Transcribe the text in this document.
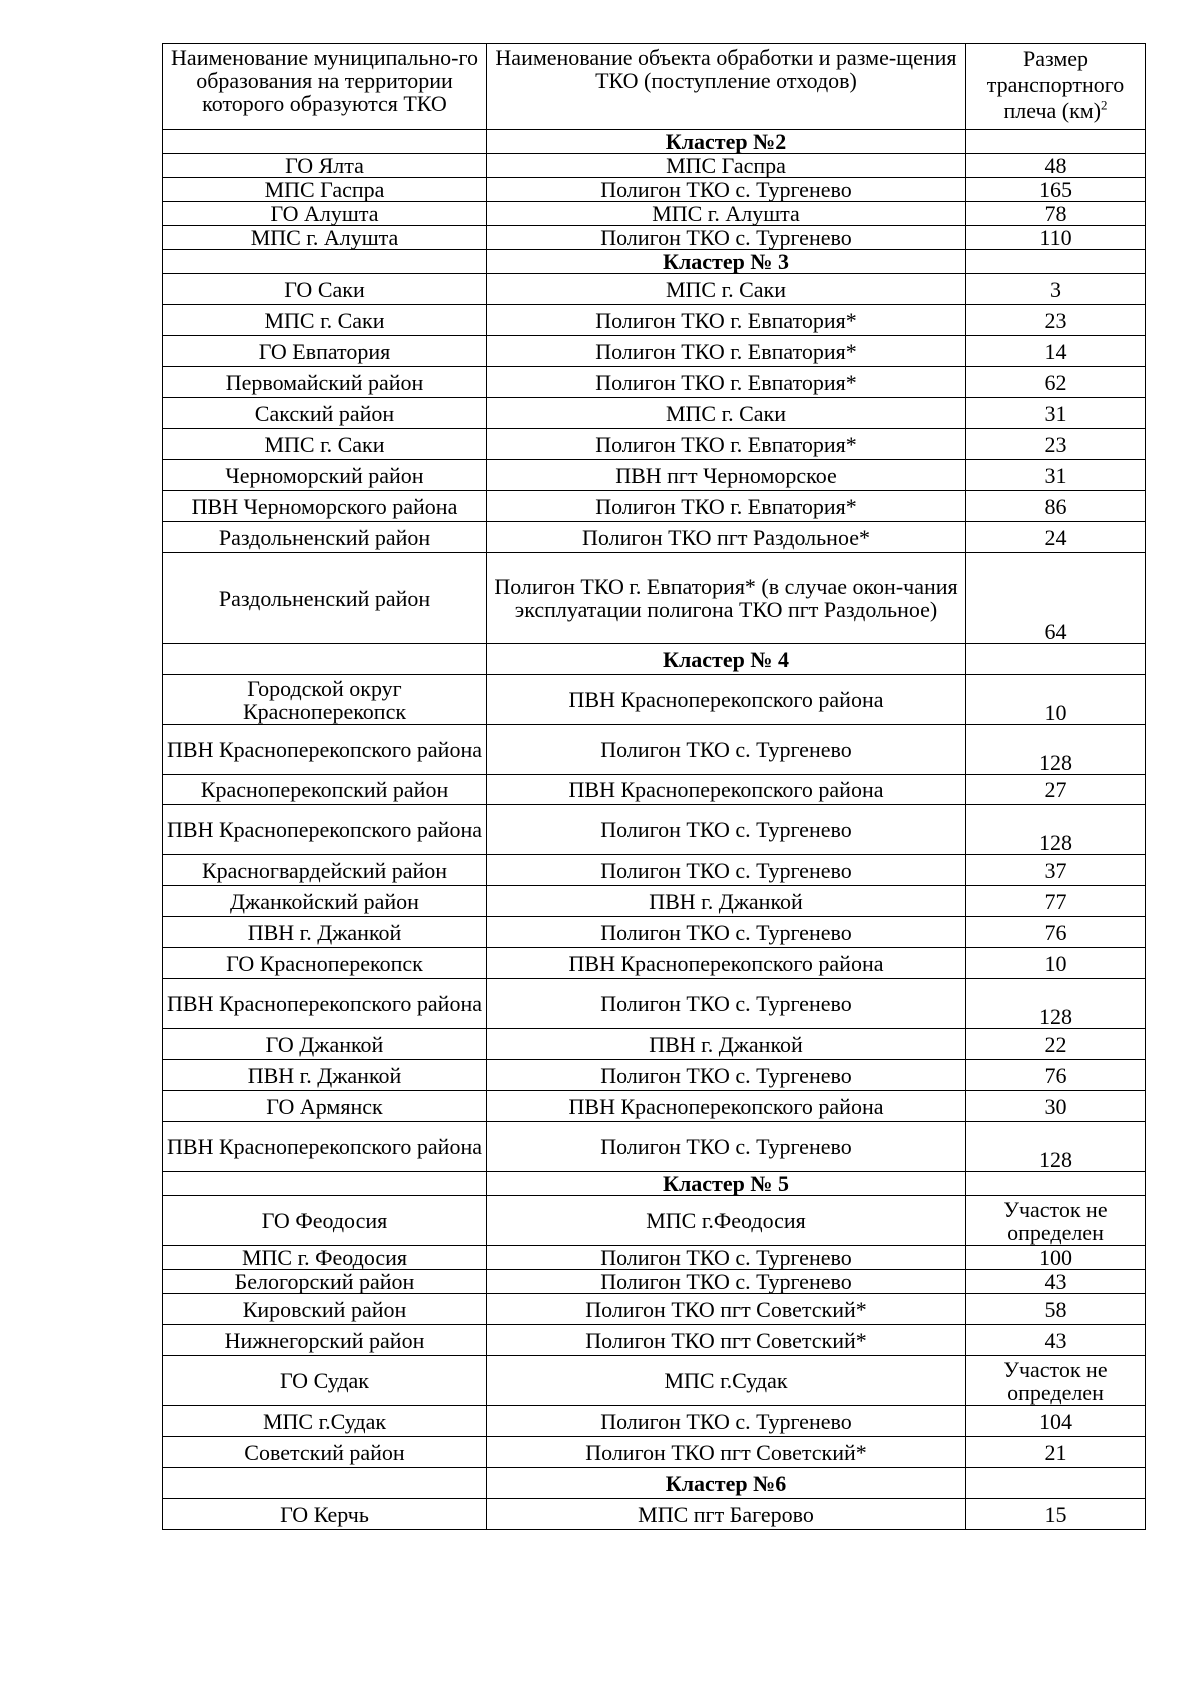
Наименование муниципально-го образования на территории которого образуются ТКО	Наименование объекта обработки и разме-щения ТКО (поступление отходов)	Размер транспортного плеча (км)$^2$
	Кластер №2	
ГО Ялта	МПС Гаспра	48
МПС Гаспра	Полигон ТКО с. Тургенево	165
ГО Алушта	МПС г. Алушта	78
МПС г. Алушта	Полигон ТКО с. Тургенево	110
	Кластер № 3	
ГО Саки	МПС г. Саки	3
МПС г. Саки	Полигон ТКО г. Евпатория*	23
ГО Евпатория	Полигон ТКО г. Евпатория*	14
Первомайский район	Полигон ТКО г. Евпатория*	62
Сакский район	МПС г. Саки	31
МПС г. Саки	Полигон ТКО г. Евпатория*	23
Черноморский район	ПВН пгт Черноморское	31
ПВН Черноморского района	Полигон ТКО г. Евпатория*	86
Раздольненский район	Полигон ТКО пгт Раздольное*	24
Раздольненский район	Полигон ТКО г. Евпатория* (в случае окон-чания эксплуатации полигона ТКО пгт Раздольное)	64
	Кластер № 4	
Городской округ Красноперекопск	ПВН Красноперекопского района	10
ПВН Красноперекопского района	Полигон ТКО с. Тургенево	128
Красноперекопский район	ПВН Красноперекопского района	27
ПВН Красноперекопского района	Полигон ТКО с. Тургенево	128
Красногвардейский район	Полигон ТКО с. Тургенево	37
Джанкойский район	ПВН г. Джанкой	77
ПВН г. Джанкой	Полигон ТКО с. Тургенево	76
ГО Красноперекопск	ПВН Красноперекопского района	10
ПВН Красноперекопского района	Полигон ТКО с. Тургенево	128
ГО Джанкой	ПВН г. Джанкой	22
ПВН г. Джанкой	Полигон ТКО с. Тургенево	76
ГО Армянск	ПВН Красноперекопского района	30
ПВН Красноперекопского района	Полигон ТКО с. Тургенево	128
	Кластер № 5	
ГО Феодосия	МПС г.Феодосия	Участок не определен
МПС г. Феодосия	Полигон ТКО с. Тургенево	100
Белогорский район	Полигон ТКО с. Тургенево	43
Кировский район	Полигон ТКО пгт Советский*	58
Нижнегорский район	Полигон ТКО пгт Советский*	43
ГО Судак	МПС г.Судак	Участок не определен
МПС г.Судак	Полигон ТКО с. Тургенево	104
Советский район	Полигон ТКО пгт Советский*	21
	Кластер №6	
ГО Керчь	МПС пгт Багерово	15
